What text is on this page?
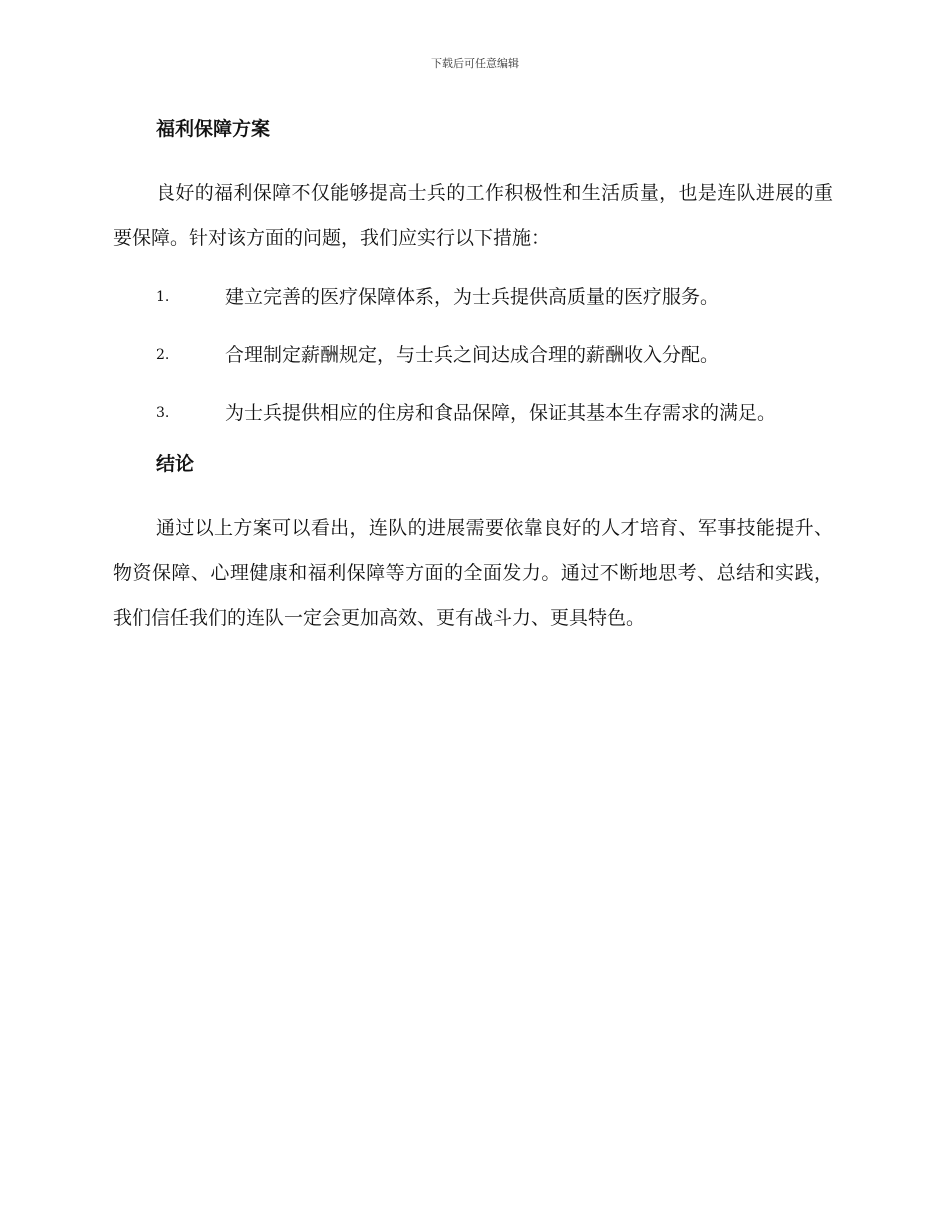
下载后可任意编辑
福利保障方案

良好的福利保障不仅能够提高士兵的工作积极性和生活质量，也是连队进展的重要保障。针对该方面的问题，我们应实行以下措施：

1.	建立完善的医疗保障体系，为士兵提供高质量的医疗服务。
2.	合理制定薪酬规定，与士兵之间达成合理的薪酬收入分配。
3.	为士兵提供相应的住房和食品保障，保证其基本生存需求的满足。
结论

通过以上方案可以看出，连队的进展需要依靠良好的人才培育、军事技能提升、物资保障、心理健康和福利保障等方面的全面发力。通过不断地思考、总结和实践，我们信任我们的连队一定会更加高效、更有战斗力、更具特色。
